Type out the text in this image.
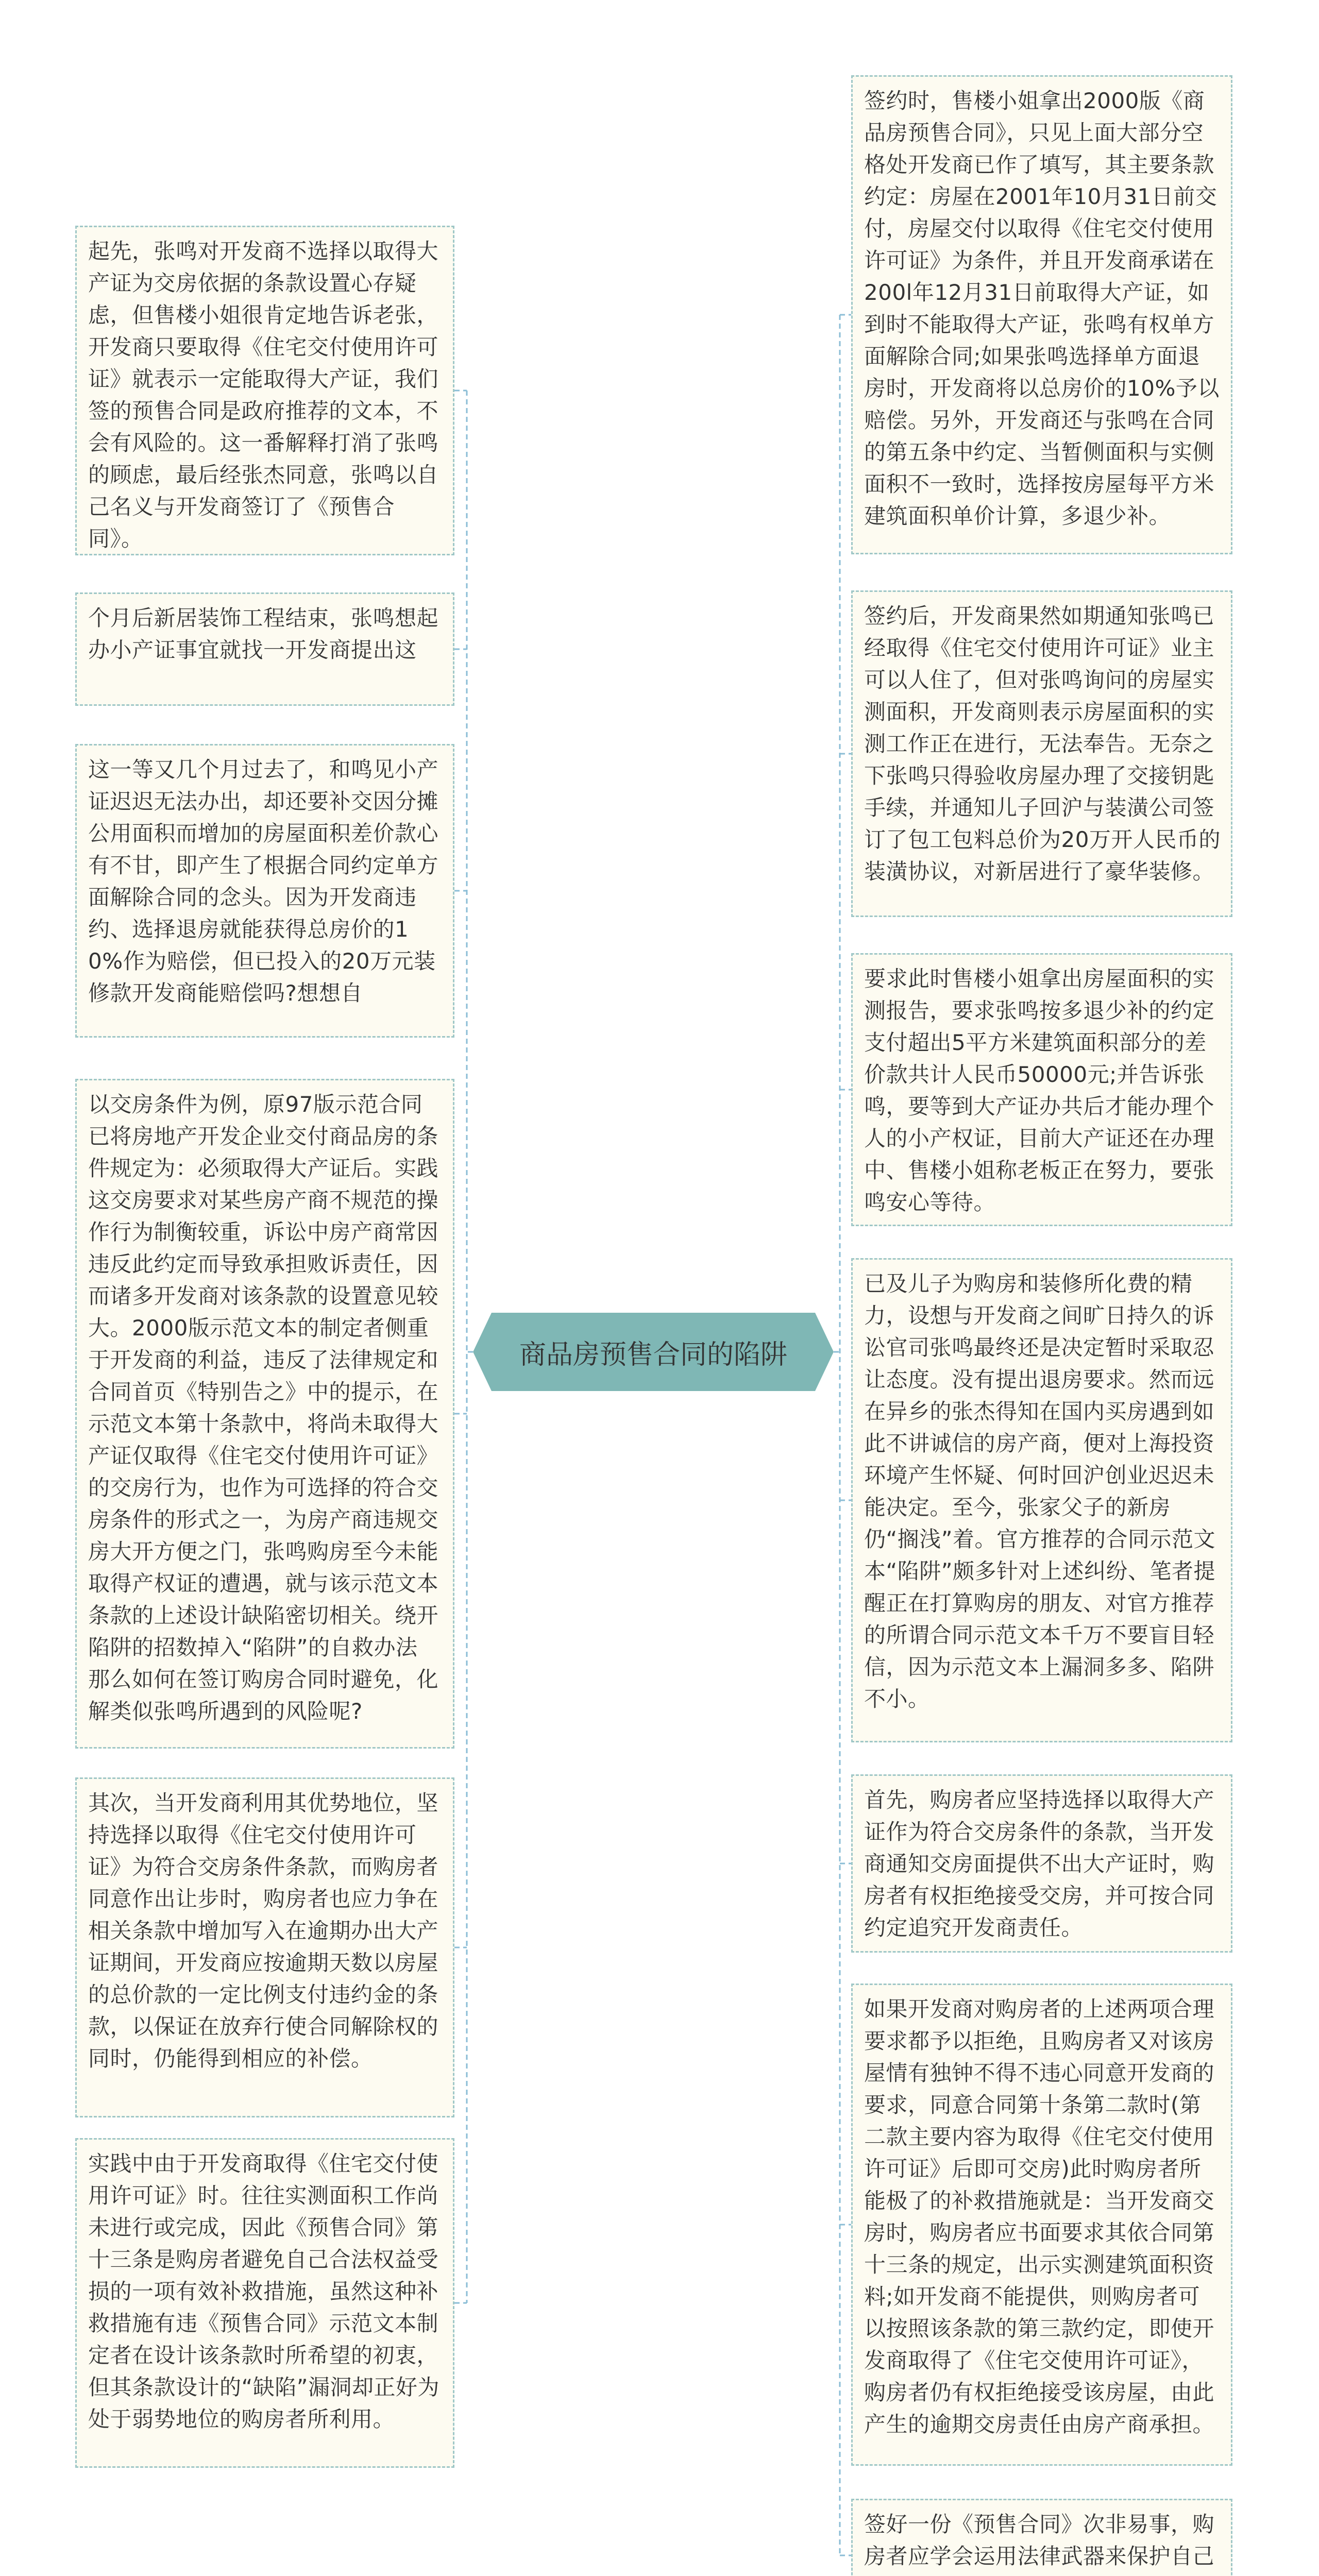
起先，张鸣对开发商不选择以取得大产证为交房依据的条款设置心存疑虑，但售楼小姐很肯定地告诉老张，开发商只要取得《住宅交付使用许可证》就表示一定能取得大产证，我们签的预售合同是政府推荐的文本，不会有风险的。这一番解释打消了张鸣的顾虑，最后经张杰同意，张鸣以自己名义与开发商签订了《预售合同》。
个月后新居装饰工程结束，张鸣想起办小产证事宜就找一开发商提出这
这一等又几个月过去了，和鸣见小产证迟迟无法办出，却还要补交因分摊公用面积而增加的房屋面积差价款心有不甘，即产生了根据合同约定单方面解除合同的念头。因为开发商违约、选择退房就能获得总房价的10%作为赔偿，但已投入的20万元装修款开发商能赔偿吗?想想自
以交房条件为例，原97版示范合同已将房地产开发企业交付商品房的条件规定为：必须取得大产证后。实践这交房要求对某些房产商不规范的操作行为制衡较重，诉讼中房产商常因违反此约定而导致承担败诉责任，因而诸多开发商对该条款的设置意见较大。2000版示范文本的制定者侧重于开发商的利益，违反了法律规定和合同首页《特别告之》中的提示，在示范文本第十条款中，将尚未取得大产证仅取得《住宅交付使用许可证》的交房行为，也作为可选择的符合交房条件的形式之一，为房产商违规交房大开方便之门，张鸣购房至今未能取得产权证的遭遇，就与该示范文本条款的上述设计缺陷密切相关。绕开陷阱的招数掉入“陷阱”的自救办法 那么如何在签订购房合同时避免，化解类似张鸣所遇到的风险呢?
其次，当开发商利用其优势地位，坚持选择以取得《住宅交付使用许可证》为符合交房条件条款，而购房者同意作出让步时，购房者也应力争在相关条款中增加写入在逾期办出大产证期间，开发商应按逾期天数以房屋的总价款的一定比例支付违约金的条款，以保证在放弃行使合同解除权的同时，仍能得到相应的补偿。
实践中由于开发商取得《住宅交付使用许可证》时。往往实测面积工作尚未进行或完成，因此《预售合同》第十三条是购房者避免自己合法权益受损的一项有效补救措施，虽然这种补救措施有违《预售合同》示范文本制定者在设计该条款时所希望的初衷，但其条款设计的“缺陷”漏洞却正好为处于弱势地位的购房者所利用。
商品房预售合同的陷阱
签约时，售楼小姐拿出2000版《商品房预售合同》，只见上面大部分空格处开发商已作了填写，其主要条款约定：房屋在2001年10月31日前交付，房屋交付以取得《住宅交付使用许可证》为条件，并且开发商承诺在200l年12月31日前取得大产证，如到时不能取得大产证，张鸣有权单方面解除合同;如果张鸣选择单方面退房时，开发商将以总房价的10%予以赔偿。另外，开发商还与张鸣在合同的第五条中约定、当暂侧面积与实侧面积不一致时，选择按房屋每平方米建筑面积单价计算，多退少补。
签约后，开发商果然如期通知张鸣已经取得《住宅交付使用许可证》业主可以人住了，但对张鸣询问的房屋实测面积，开发商则表示房屋面积的实测工作正在进行，无法奉告。无奈之下张鸣只得验收房屋办理了交接钥匙手续，并通知儿子回沪与装潢公司签订了包工包料总价为20万开人民币的装潢协议，对新居进行了豪华装修。
要求此时售楼小姐拿出房屋面积的实测报告，要求张鸣按多退少补的约定支付超出5平方米建筑面积部分的差价款共计人民币50000元;并告诉张鸣，要等到大产证办共后才能办理个人的小产权证，目前大产证还在办理中、售楼小姐称老板正在努力，要张鸣安心等待。
已及儿子为购房和装修所化费的精力，设想与开发商之间旷日持久的诉讼官司张鸣最终还是决定暂时采取忍让态度。没有提出退房要求。然而远在异乡的张杰得知在国内买房遇到如此不讲诚信的房产商，便对上海投资环境产生怀疑、何时回沪创业迟迟未能决定。至今，张家父子的新房仍“搁浅”着。官方推荐的合同示范文本“陷阱”颇多针对上述纠纷、笔者提醒正在打算购房的朋友、对官方推荐的所谓合同示范文本千万不要盲目轻信，因为示范文本上漏洞多多、陷阱不小。
首先，购房者应坚持选择以取得大产证作为符合交房条件的条款，当开发商通知交房面提供不出大产证时，购房者有权拒绝接受交房，并可按合同约定追究开发商责任。
如果开发商对购房者的上述两项合理要求都予以拒绝，且购房者又对该房屋情有独钟不得不违心同意开发商的要求，同意合同第十条第二款时(第二款主要内容为取得《住宅交付使用许可证》后即可交房)此时购房者所能极了的补救措施就是：当开发商交房时，购房者应书面要求其依合同第十三条的规定，出示实测建筑面积资料;如开发商不能提供，则购房者可以按照该条款的第三款约定，即使开发商取得了《住宅交使用许可证》，购房者仍有权拒绝接受该房屋，由此产生的逾期交房责任由房产商承担。
签好一份《预售合同》次非易事，购房者应学会运用法律武器来保护自己
